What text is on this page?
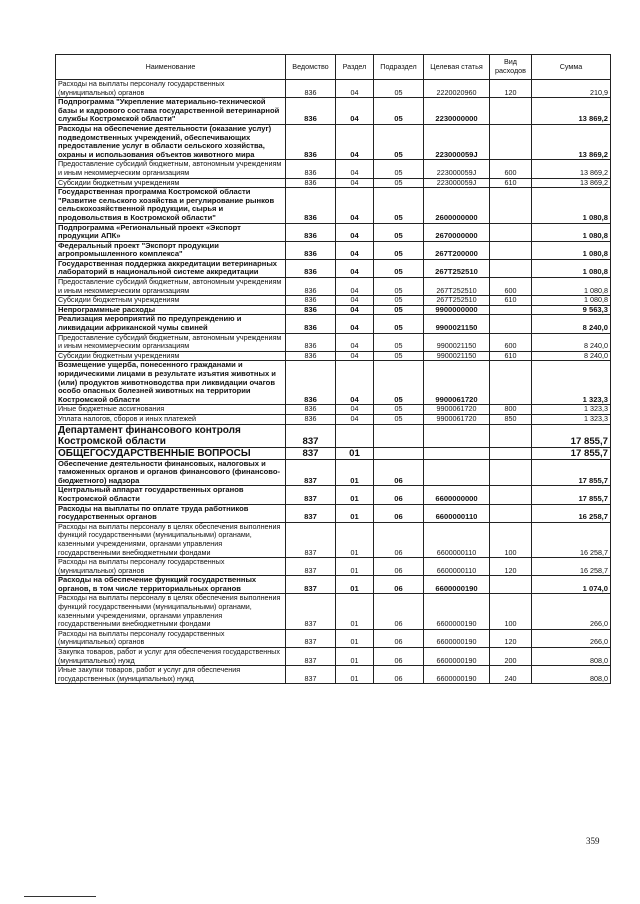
Наименование	Ведомство	Раздел	Подраздел	Целевая статья	Вид расходов	Сумма
Расходы на выплаты персоналу государственных (муниципальных) органов	836	04	05	2220020960	120	210,9
Подпрограмма "Укрепление материально-технической базы и кадрового состава государственной ветеринарной службы Костромской области"	836	04	05	2230000000		13 869,2
Расходы на обеспечение деятельности (оказание услуг) подведомственных учреждений, обеспечивающих предоставление услуг в области сельского хозяйства, охраны и использования объектов животного мира	836	04	05	223000059J		13 869,2
Предоставление субсидий бюджетным, автономным учреждениям и иным некоммерческим организациям	836	04	05	223000059J	600	13 869,2
Субсидии бюджетным учреждениям	836	04	05	223000059J	610	13 869,2
Государственная программа Костромской области "Развитие сельского хозяйства и регулирование рынков сельскохозяйственной продукции, сырья и продовольствия в Костромской области"	836	04	05	2600000000		1 080,8
Подпрограмма «Региональный проект «Экспорт продукции АПК»	836	04	05	2670000000		1 080,8
Федеральный проект "Экспорт продукции агропромышленного комплекса"	836	04	05	267T200000		1 080,8
Государственная поддержка аккредитации ветеринарных лабораторий в национальной системе аккредитации	836	04	05	267T252510		1 080,8
Предоставление субсидий бюджетным, автономным учреждениям и иным некоммерческим организациям	836	04	05	267T252510	600	1 080,8
Субсидии бюджетным учреждениям	836	04	05	267T252510	610	1 080,8
Непрограммные расходы	836	04	05	9900000000		9 563,3
Реализация мероприятий по предупреждению и ликвидации африканской чумы свиней	836	04	05	9900021150		8 240,0
Предоставление субсидий бюджетным, автономным учреждениям и иным некоммерческим организациям	836	04	05	9900021150	600	8 240,0
Субсидии бюджетным учреждениям	836	04	05	9900021150	610	8 240,0
Возмещение ущерба, понесенного гражданами и юридическими лицами в результате изъятия животных и (или) продуктов животноводства при ликвидации очагов особо опасных болезней животных на территории Костромской области	836	04	05	9900061720		1 323,3
Иные бюджетные ассигнования	836	04	05	9900061720	800	1 323,3
Уплата налогов, сборов и иных платежей	836	04	05	9900061720	850	1 323,3
Департамент финансового контроля Костромской области	837					17 855,7
ОБЩЕГОСУДАРСТВЕННЫЕ ВОПРОСЫ	837	01				17 855,7
Обеспечение деятельности финансовых, налоговых и таможенных органов и органов финансового (финансово-бюджетного) надзора	837	01	06			17 855,7
Центральный аппарат государственных органов Костромской области	837	01	06	6600000000		17 855,7
Расходы на выплаты по оплате труда работников государственных органов	837	01	06	6600000110		16 258,7
Расходы на выплаты персоналу в целях обеспечения выполнения функций государственными (муниципальными) органами, казенными учреждениями, органами управления государственными внебюджетными фондами	837	01	06	6600000110	100	16 258,7
Расходы на выплаты персоналу государственных (муниципальных) органов	837	01	06	6600000110	120	16 258,7
Расходы на обеспечение функций государственных органов, в том числе территориальных органов	837	01	06	6600000190		1 074,0
Расходы на выплаты персоналу в целях обеспечения выполнения функций государственными (муниципальными) органами, казенными учреждениями, органами управления государственными внебюджетными фондами	837	01	06	6600000190	100	266,0
Расходы на выплаты персоналу государственных (муниципальных) органов	837	01	06	6600000190	120	266,0
Закупка товаров, работ и услуг для обеспечения государственных (муниципальных) нужд	837	01	06	6600000190	200	808,0
Иные закупки товаров, работ и услуг для обеспечения государственных (муниципальных) нужд	837	01	06	6600000190	240	808,0
359
